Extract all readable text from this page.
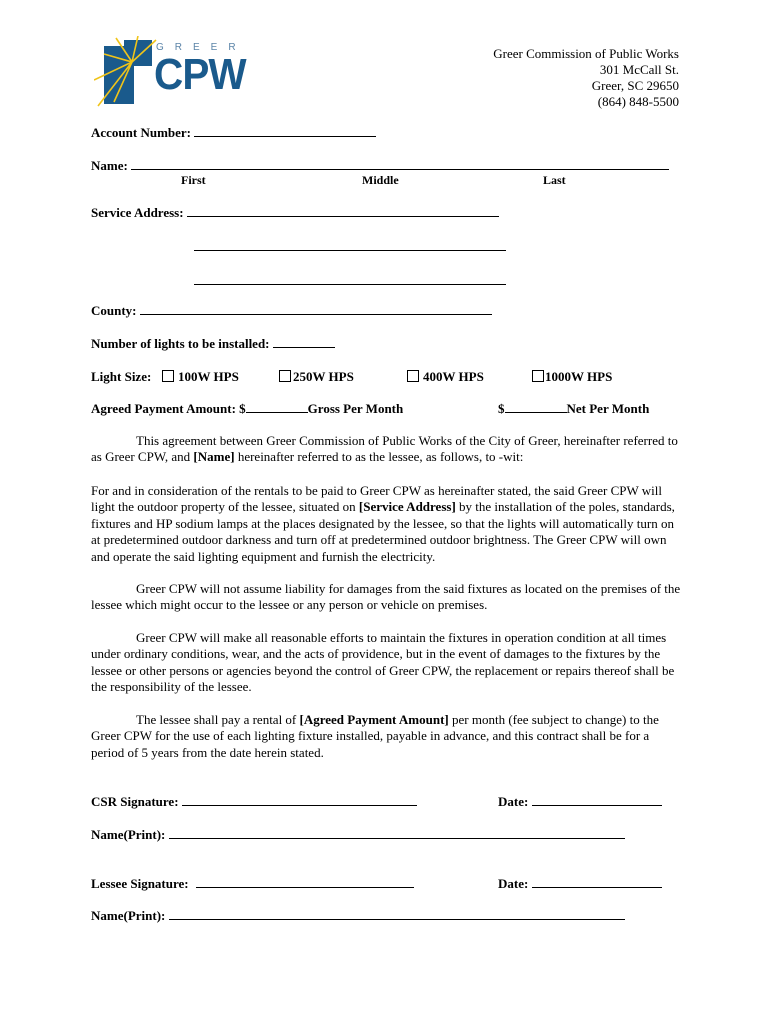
GREER
CPW	Greer Commission of Public Works
301 McCall St.
Greer, SC 29650
(864) 848-5500
Account Number:
Name:
First	Middle	Last
Service Address:
County:
Number of lights to be installed:
Light Size:	100W HPS	250W HPS	400W HPS	1000W HPS
Agreed Payment Amount: $	Gross Per Month	$	Net Per Month
This agreement between Greer Commission of Public Works of the City of Greer, hereinafter referred to as Greer CPW, and [Name] hereinafter referred to as the lessee, as follows, to -wit:
For and in consideration of the rentals to be paid to Greer CPW as hereinafter stated, the said Greer CPW will light the outdoor property of the lessee, situated on [Service Address] by the installation of the poles, standards, fixtures and HP sodium lamps at the places designated by the lessee, so that the lights will automatically turn on at predetermined outdoor darkness and turn off at predetermined outdoor brightness. The Greer CPW will own and operate the said lighting equipment and furnish the electricity.
Greer CPW will not assume liability for damages from the said fixtures as located on the premises of the lessee which might occur to the lessee or any person or vehicle on premises.
Greer CPW will make all reasonable efforts to maintain the fixtures in operation condition at all times under ordinary conditions, wear, and the acts of providence, but in the event of damages to the fixtures by the lessee or other persons or agencies beyond the control of Greer CPW, the replacement or repairs thereof shall be the responsibility of the lessee.
The lessee shall pay a rental of [Agreed Payment Amount] per month (fee subject to change) to the Greer CPW for the use of each lighting fixture installed, payable in advance, and this contract shall be for a period of 5 years from the date herein stated.
CSR Signature:	Date:
Name(Print):
Lessee Signature:	Date:
Name(Print):
